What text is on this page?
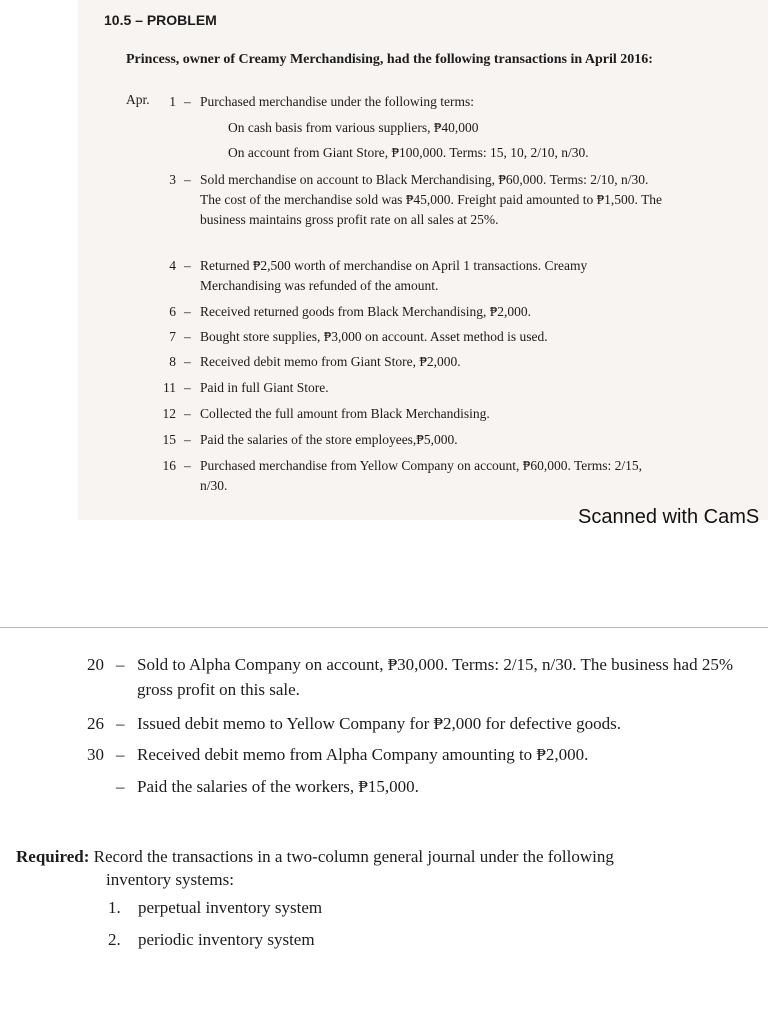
10.5 – PROBLEM
Princess, owner of Creamy Merchandising, had the following transactions in April 2016:
Apr.	1 – Purchased merchandise under the following terms:
On cash basis from various suppliers, ₱40,000
On account from Giant Store, ₱100,000. Terms: 15, 10, 2/10, n/30.
3 – Sold merchandise on account to Black Merchandising, ₱60,000. Terms: 2/10, n/30. The cost of the merchandise sold was ₱45,000. Freight paid amounted to ₱1,500. The business maintains gross profit rate on all sales at 25%.
4 – Returned ₱2,500 worth of merchandise on April 1 transactions. Creamy Merchandising was refunded of the amount.
6 – Received returned goods from Black Merchandising, ₱2,000.
7 – Bought store supplies, ₱3,000 on account. Asset method is used.
8 – Received debit memo from Giant Store, ₱2,000.
11 – Paid in full Giant Store.
12 – Collected the full amount from Black Merchandising.
15 – Paid the salaries of the store employees,₱5,000.
16 – Purchased merchandise from Yellow Company on account, ₱60,000. Terms: 2/15, n/30.
Scanned with CamS
20 – Sold to Alpha Company on account, ₱30,000. Terms: 2/15, n/30. The business had 25% gross profit on this sale.
26 – Issued debit memo to Yellow Company for ₱2,000 for defective goods.
30 – Received debit memo from Alpha Company amounting to ₱2,000.
– Paid the salaries of the workers, ₱15,000.
Required: Record the transactions in a two-column general journal under the following
inventory systems:
1. perpetual inventory system
2. periodic inventory system
